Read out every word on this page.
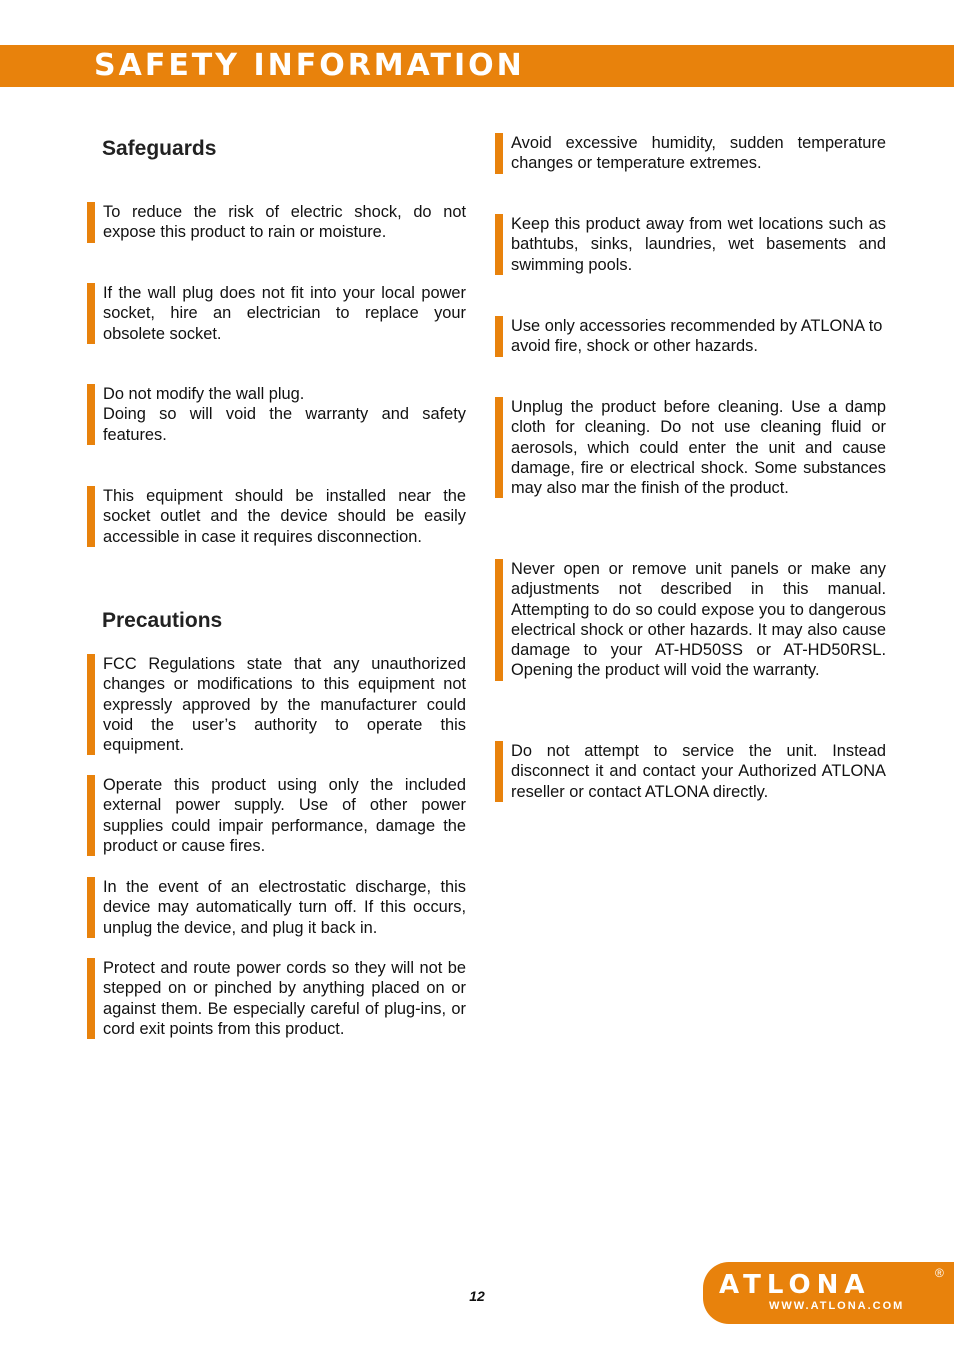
SAFETY INFORMATION
Safeguards
To reduce the risk of electric shock, do not expose this product to rain or moisture.
If the wall plug does not fit into your local power socket, hire an electrician to replace your obsolete socket.
Do not modify the wall plug.
Doing so will void the warranty and safety features.
This equipment should be installed near the socket outlet and the device should be easily accessible in case it requires disconnection.
Precautions
FCC Regulations state that any unauthorized changes or modifications to this equipment not expressly approved by the manufacturer could void the user’s authority to operate this equipment.
Operate this product using only the included external power supply. Use of other power supplies could impair performance, damage the product or cause fires.
In the event of an electrostatic discharge, this device may automatically turn off. If this occurs, unplug the device, and plug it back in.
Protect and route power cords so they will not be stepped on or pinched by anything placed on or against them. Be especially careful of plug-ins, or cord exit points from this product.
Avoid excessive humidity, sudden temperature changes or temperature extremes.
Keep this product away from wet locations such as bathtubs, sinks, laundries, wet basements and swimming pools.
Use only accessories recommended by ATLONA to avoid fire, shock or other hazards.
Unplug the product before cleaning. Use a damp cloth for cleaning. Do not use cleaning fluid or aerosols, which could enter the unit and cause damage, fire or electrical shock. Some substances may also mar the finish of the product.
Never open or remove unit panels or make any adjustments not described in this manual. Attempting to do so could expose you to dangerous electrical shock or other hazards. It may also cause damage to your AT-HD50SS or AT-HD50RSL. Opening the product will void the warranty.
Do not attempt to service the unit. Instead disconnect it and contact your Authorized ATLONA reseller or contact ATLONA directly.
12	ATLONA	®
WWW.ATLONA.COM
